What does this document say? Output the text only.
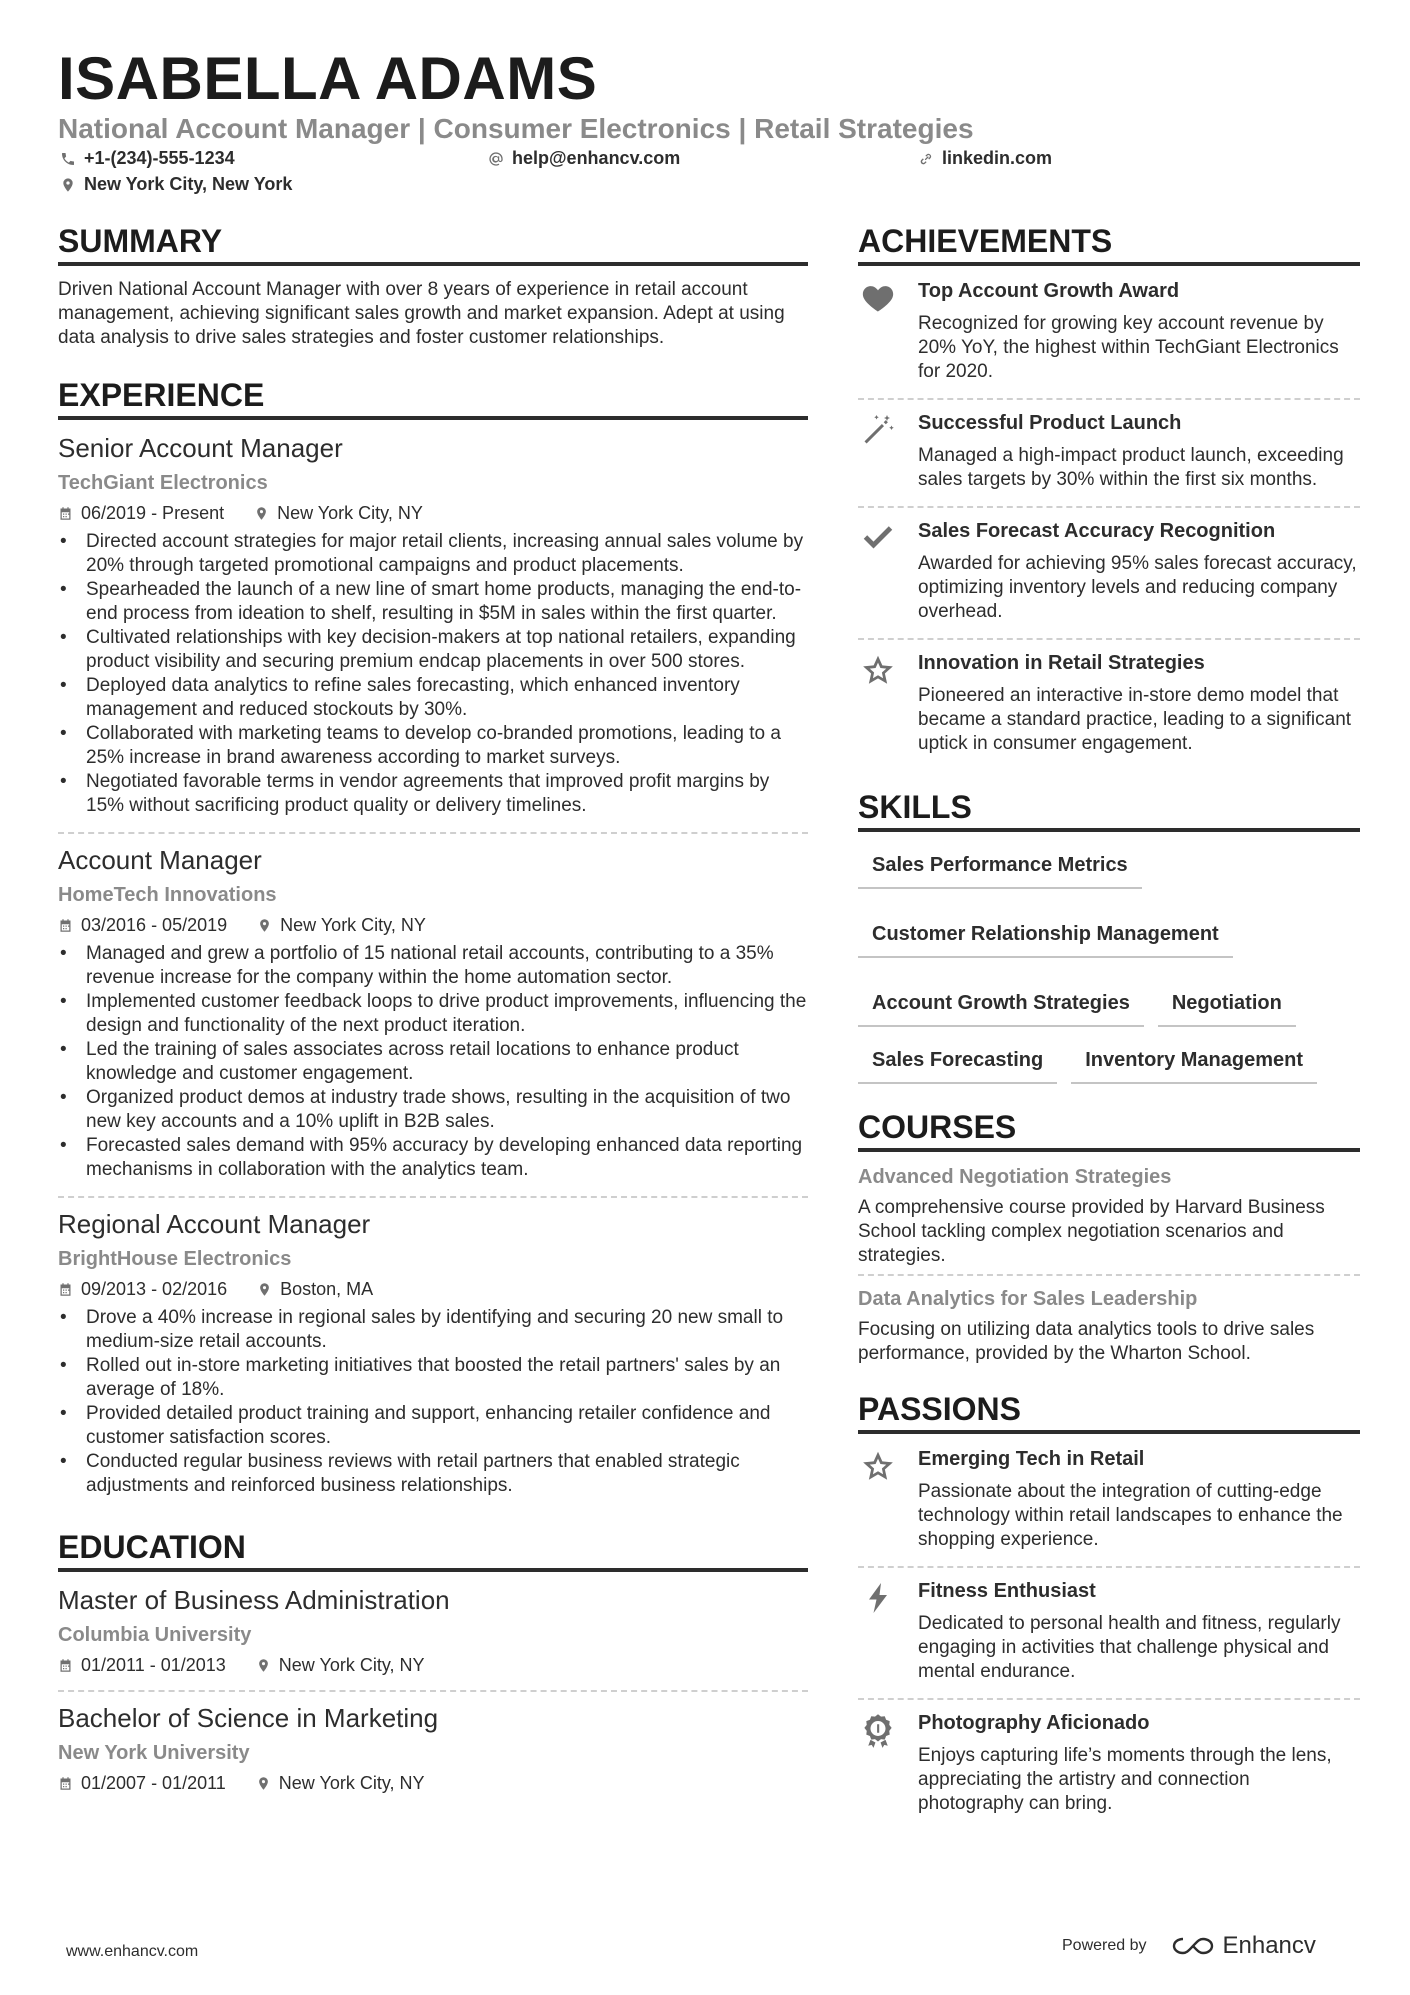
ISABELLA ADAMS
National Account Manager | Consumer Electronics | Retail Strategies
+1-(234)-555-1234	help@enhancv.com	linkedin.com
New York City, New York
SUMMARY
Driven National Account Manager with over 8 years of experience in retail account management, achieving significant sales growth and market expansion. Adept at using data analysis to drive sales strategies and foster customer relationships.
EXPERIENCE
Senior Account Manager
TechGiant Electronics
06/2019 - Present	New York City, NY
• Directed account strategies for major retail clients, increasing annual sales volume by 20% through targeted promotional campaigns and product placements.
• Spearheaded the launch of a new line of smart home products, managing the end-to-end process from ideation to shelf, resulting in $5M in sales within the first quarter.
• Cultivated relationships with key decision-makers at top national retailers, expanding product visibility and securing premium endcap placements in over 500 stores.
• Deployed data analytics to refine sales forecasting, which enhanced inventory management and reduced stockouts by 30%.
• Collaborated with marketing teams to develop co-branded promotions, leading to a 25% increase in brand awareness according to market surveys.
• Negotiated favorable terms in vendor agreements that improved profit margins by 15% without sacrificing product quality or delivery timelines.
Account Manager
HomeTech Innovations
03/2016 - 05/2019	New York City, NY
• Managed and grew a portfolio of 15 national retail accounts, contributing to a 35% revenue increase for the company within the home automation sector.
• Implemented customer feedback loops to drive product improvements, influencing the design and functionality of the next product iteration.
• Led the training of sales associates across retail locations to enhance product knowledge and customer engagement.
• Organized product demos at industry trade shows, resulting in the acquisition of two new key accounts and a 10% uplift in B2B sales.
• Forecasted sales demand with 95% accuracy by developing enhanced data reporting mechanisms in collaboration with the analytics team.
Regional Account Manager
BrightHouse Electronics
09/2013 - 02/2016	Boston, MA
• Drove a 40% increase in regional sales by identifying and securing 20 new small to medium-size retail accounts.
• Rolled out in-store marketing initiatives that boosted the retail partners' sales by an average of 18%.
• Provided detailed product training and support, enhancing retailer confidence and customer satisfaction scores.
• Conducted regular business reviews with retail partners that enabled strategic adjustments and reinforced business relationships.
EDUCATION
Master of Business Administration
Columbia University
01/2011 - 01/2013	New York City, NY
Bachelor of Science in Marketing
New York University
01/2007 - 01/2011	New York City, NY
ACHIEVEMENTS
Top Account Growth Award
Recognized for growing key account revenue by 20% YoY, the highest within TechGiant Electronics for 2020.
Successful Product Launch
Managed a high-impact product launch, exceeding sales targets by 30% within the first six months.
Sales Forecast Accuracy Recognition
Awarded for achieving 95% sales forecast accuracy, optimizing inventory levels and reducing company overhead.
Innovation in Retail Strategies
Pioneered an interactive in-store demo model that became a standard practice, leading to a significant uptick in consumer engagement.
SKILLS
Sales Performance Metrics
Customer Relationship Management
Account Growth Strategies	Negotiation
Sales Forecasting	Inventory Management
COURSES
Advanced Negotiation Strategies
A comprehensive course provided by Harvard Business School tackling complex negotiation scenarios and strategies.
Data Analytics for Sales Leadership
Focusing on utilizing data analytics tools to drive sales performance, provided by the Wharton School.
PASSIONS
Emerging Tech in Retail
Passionate about the integration of cutting-edge technology within retail landscapes to enhance the shopping experience.
Fitness Enthusiast
Dedicated to personal health and fitness, regularly engaging in activities that challenge physical and mental endurance.
Photography Aficionado
Enjoys capturing life’s moments through the lens, appreciating the artistry and connection photography can bring.
www.enhancv.com	Powered by	Enhancv
